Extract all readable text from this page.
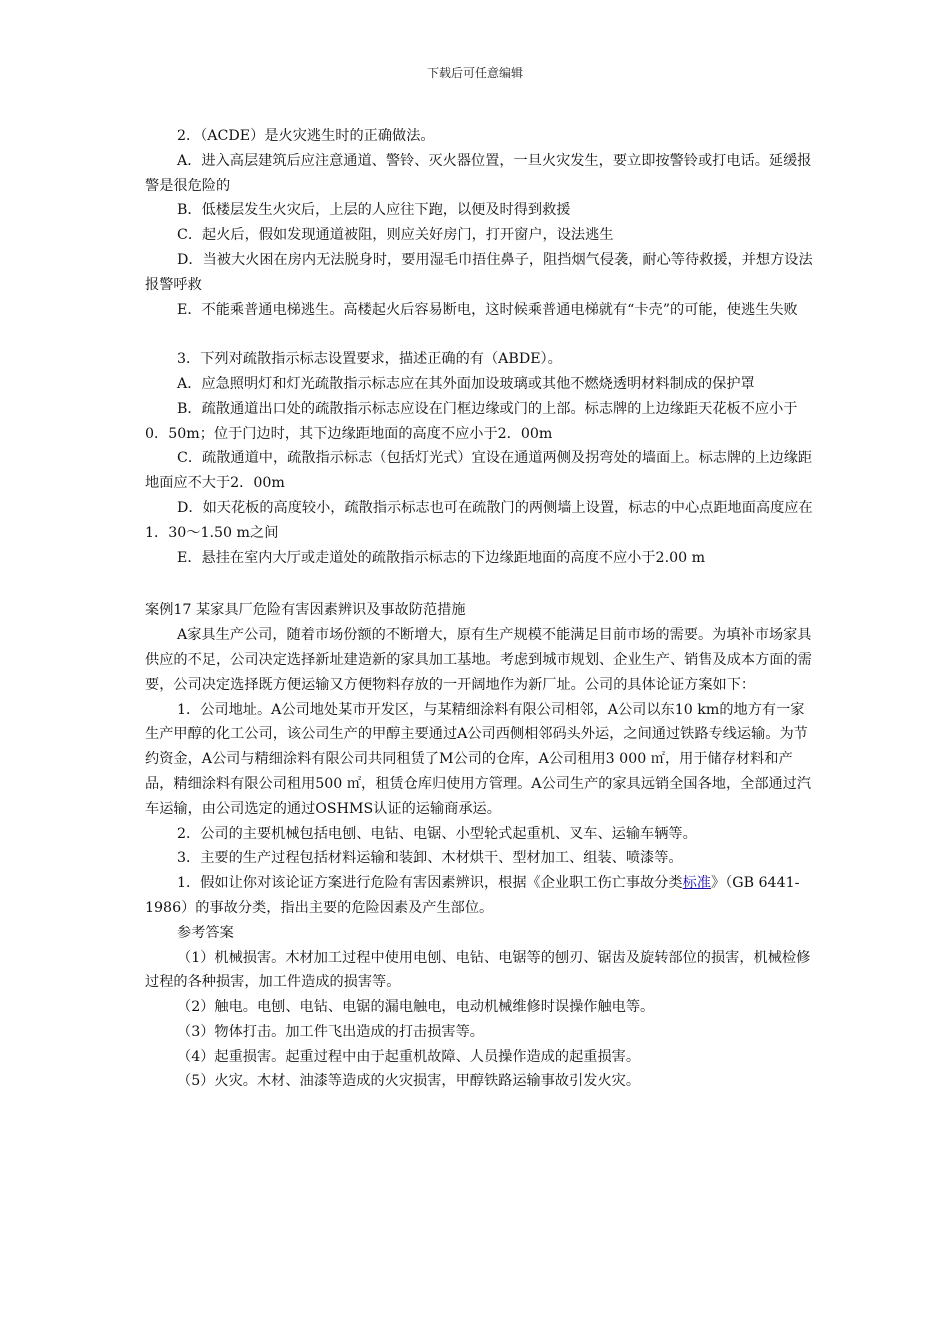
下载后可任意编辑

2．（ACDE）是火灾逃生时的正确做法。

A．进入高层建筑后应注意通道、警铃、灭火器位置，一旦火灾发生，要立即按警铃或打电话。延缓报警是很危险的

B．低楼层发生火灾后，上层的人应往下跑，以便及时得到救援

C．起火后，假如发现通道被阻，则应关好房门，打开窗户，设法逃生

D．当被大火困在房内无法脱身时，要用湿毛巾捂住鼻子，阻挡烟气侵袭，耐心等待救援，并想方设法报警呼救

E．不能乘普通电梯逃生。高楼起火后容易断电，这时候乘普通电梯就有“卡壳”的可能，使逃生失败

3．下列对疏散指示标志设置要求，描述正确的有（ABDE）。

A．应急照明灯和灯光疏散指示标志应在其外面加设玻璃或其他不燃烧透明材料制成的保护罩

B．疏散通道出口处的疏散指示标志应设在门框边缘或门的上部。标志牌的上边缘距天花板不应小于0．50m；位于门边时，其下边缘距地面的高度不应小于2．00m

C．疏散通道中，疏散指示标志（包括灯光式）宜设在通道两侧及拐弯处的墙面上。标志牌的上边缘距地面应不大于2．00m

D．如天花板的高度较小，疏散指示标志也可在疏散门的两侧墙上设置，标志的中心点距地面高度应在1．30～1.50 m之间

E．悬挂在室内大厅或走道处的疏散指示标志的下边缘距地面的高度不应小于2.00 m

案例17 某家具厂危险有害因素辨识及事故防范措施

A家具生产公司，随着市场份额的不断增大，原有生产规模不能满足目前市场的需要。为填补市场家具供应的不足，公司决定选择新址建造新的家具加工基地。考虑到城市规划、企业生产、销售及成本方面的需要，公司决定选择既方便运输又方便物料存放的一开阔地作为新厂址。公司的具体论证方案如下：

1．公司地址。A公司地处某市开发区，与某精细涂料有限公司相邻，A公司以东10 km的地方有一家生产甲醇的化工公司，该公司生产的甲醇主要通过A公司西侧相邻码头外运，之间通过铁路专线运输。为节约资金，A公司与精细涂料有限公司共同租赁了M公司的仓库，A公司租用3 000 ㎡，用于储存材料和产品，精细涂料有限公司租用500 ㎡，租赁仓库归使用方管理。A公司生产的家具远销全国各地，全部通过汽车运输，由公司选定的通过OSHMS认证的运输商承运。

2．公司的主要机械包括电刨、电钻、电锯、小型轮式起重机、叉车、运输车辆等。

3．主要的生产过程包括材料运输和装卸、木材烘干、型材加工、组装、喷漆等。

1．假如让你对该论证方案进行危险有害因素辨识，根据《企业职工伤亡事故分类标准》（GB 6441-1986）的事故分类，指出主要的危险因素及产生部位。

参考答案

（1）机械损害。木材加工过程中使用电刨、电钻、电锯等的刨刃、锯齿及旋转部位的损害，机械检修过程的各种损害，加工件造成的损害等。

（2）触电。电刨、电钻、电锯的漏电触电，电动机械维修时误操作触电等。

（3）物体打击。加工件飞出造成的打击损害等。

（4）起重损害。起重过程中由于起重机故障、人员操作造成的起重损害。

（5）火灾。木材、油漆等造成的火灾损害，甲醇铁路运输事故引发火灾。
